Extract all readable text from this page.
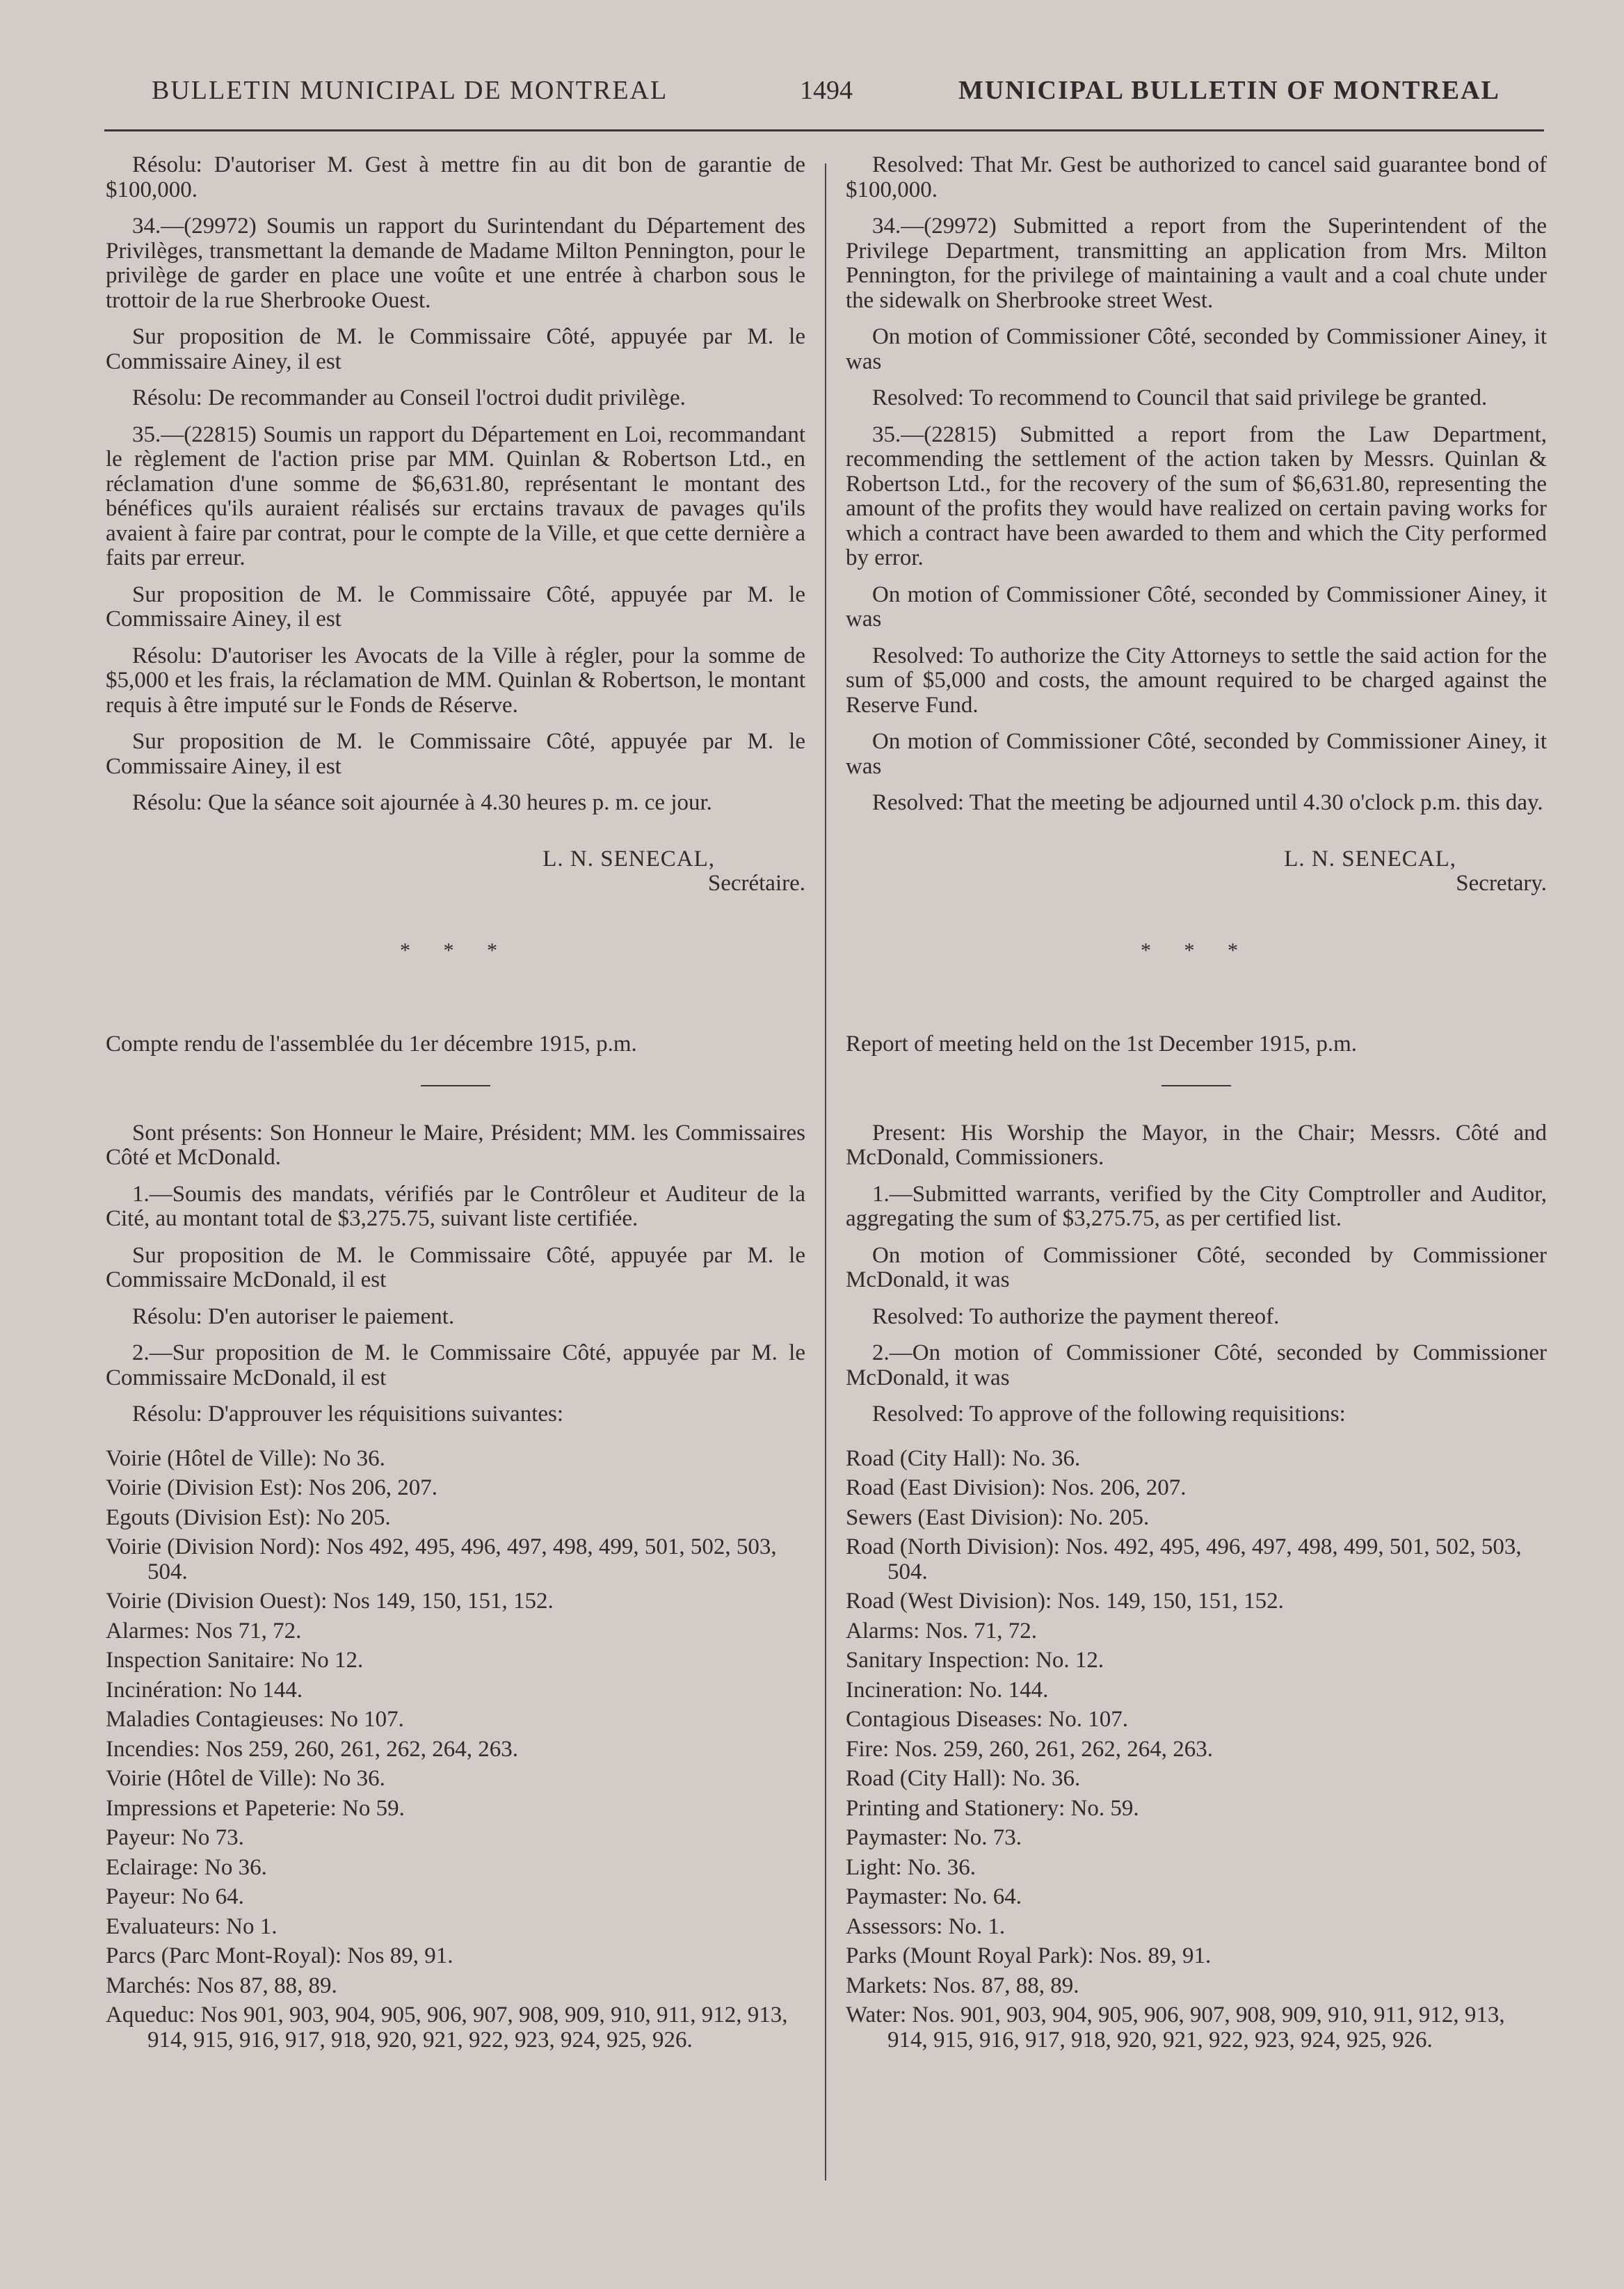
BULLETIN MUNICIPAL DE MONTREAL	1494	MUNICIPAL BULLETIN OF MONTREAL

Résolu: D'autoriser M. Gest à mettre fin au dit bon de garantie de $100,000.

34.—(29972) Soumis un rapport du Surintendant du Département des Privilèges, transmettant la demande de Madame Milton Pennington, pour le privilège de garder en place une voûte et une entrée à charbon sous le trottoir de la rue Sherbrooke Ouest.

Sur proposition de M. le Commissaire Côté, appuyée par M. le Commissaire Ainey, il est

Résolu: De recommander au Conseil l'octroi dudit privilège.

35.—(22815) Soumis un rapport du Département en Loi, recommandant le règlement de l'action prise par MM. Quinlan & Robertson Ltd., en réclamation d'une somme de $6,631.80, représentant le montant des bénéfices qu'ils auraient réalisés sur erctains travaux de pavages qu'ils avaient à faire par contrat, pour le compte de la Ville, et que cette dernière a faits par erreur.

Sur proposition de M. le Commissaire Côté, appuyée par M. le Commissaire Ainey, il est

Résolu: D'autoriser les Avocats de la Ville à régler, pour la somme de $5,000 et les frais, la réclamation de MM. Quinlan & Robertson, le montant requis à être imputé sur le Fonds de Réserve.

Sur proposition de M. le Commissaire Côté, appuyée par M. le Commissaire Ainey, il est

Résolu: Que la séance soit ajournée à 4.30 heures p. m. ce jour.

L. N. SENECAL,

Secrétaire.

* * *

Compte rendu de l'assemblée du 1er décembre 1915, p.m.

Sont présents: Son Honneur le Maire, Président; MM. les Commissaires Côté et McDonald.

1.—Soumis des mandats, vérifiés par le Contrôleur et Auditeur de la Cité, au montant total de $3,275.75, suivant liste certifiée.

Sur proposition de M. le Commissaire Côté, appuyée par M. le Commissaire McDonald, il est

Résolu: D'en autoriser le paiement.

2.—Sur proposition de M. le Commissaire Côté, appuyée par M. le Commissaire McDonald, il est

Résolu: D'approuver les réquisitions suivantes:

Voirie (Hôtel de Ville): No 36.
Voirie (Division Est): Nos 206, 207.
Egouts (Division Est): No 205.
Voirie (Division Nord): Nos 492, 495, 496, 497, 498, 499, 501, 502, 503, 504.
Voirie (Division Ouest): Nos 149, 150, 151, 152.
Alarmes: Nos 71, 72.
Inspection Sanitaire: No 12.
Incinération: No 144.
Maladies Contagieuses: No 107.
Incendies: Nos 259, 260, 261, 262, 264, 263.
Voirie (Hôtel de Ville): No 36.
Impressions et Papeterie: No 59.
Payeur: No 73.
Eclairage: No 36.
Payeur: No 64.
Evaluateurs: No 1.
Parcs (Parc Mont-Royal): Nos 89, 91.
Marchés: Nos 87, 88, 89.
Aqueduc: Nos 901, 903, 904, 905, 906, 907, 908, 909, 910, 911, 912, 913, 914, 915, 916, 917, 918, 920, 921, 922, 923, 924, 925, 926.

Resolved: That Mr. Gest be authorized to cancel said guarantee bond of $100,000.

34.—(29972) Submitted a report from the Superintendent of the Privilege Department, transmitting an application from Mrs. Milton Pennington, for the privilege of maintaining a vault and a coal chute under the sidewalk on Sherbrooke street West.

On motion of Commissioner Côté, seconded by Commissioner Ainey, it was

Resolved: To recommend to Council that said privilege be granted.

35.—(22815) Submitted a report from the Law Department, recommending the settlement of the action taken by Messrs. Quinlan & Robertson Ltd., for the recovery of the sum of $6,631.80, representing the amount of the profits they would have realized on certain paving works for which a contract have been awarded to them and which the City performed by error.

On motion of Commissioner Côté, seconded by Commissioner Ainey, it was

Resolved: To authorize the City Attorneys to settle the said action for the sum of $5,000 and costs, the amount required to be charged against the Reserve Fund.

On motion of Commissioner Côté, seconded by Commissioner Ainey, it was

Resolved: That the meeting be adjourned until 4.30 o'clock p.m. this day.

L. N. SENECAL,

Secretary.

* * *

Report of meeting held on the 1st December 1915, p.m.

Present: His Worship the Mayor, in the Chair; Messrs. Côté and McDonald, Commissioners.

1.—Submitted warrants, verified by the City Comptroller and Auditor, aggregating the sum of $3,275.75, as per certified list.

On motion of Commissioner Côté, seconded by Commissioner McDonald, it was

Resolved: To authorize the payment thereof.

2.—On motion of Commissioner Côté, seconded by Commissioner McDonald, it was

Resolved: To approve of the following requisitions:

Road (City Hall): No. 36.
Road (East Division): Nos. 206, 207.
Sewers (East Division): No. 205.
Road (North Division): Nos. 492, 495, 496, 497, 498, 499, 501, 502, 503, 504.
Road (West Division): Nos. 149, 150, 151, 152.
Alarms: Nos. 71, 72.
Sanitary Inspection: No. 12.
Incineration: No. 144.
Contagious Diseases: No. 107.
Fire: Nos. 259, 260, 261, 262, 264, 263.
Road (City Hall): No. 36.
Printing and Stationery: No. 59.
Paymaster: No. 73.
Light: No. 36.
Paymaster: No. 64.
Assessors: No. 1.
Parks (Mount Royal Park): Nos. 89, 91.
Markets: Nos. 87, 88, 89.
Water: Nos. 901, 903, 904, 905, 906, 907, 908, 909, 910, 911, 912, 913, 914, 915, 916, 917, 918, 920, 921, 922, 923, 924, 925, 926.
